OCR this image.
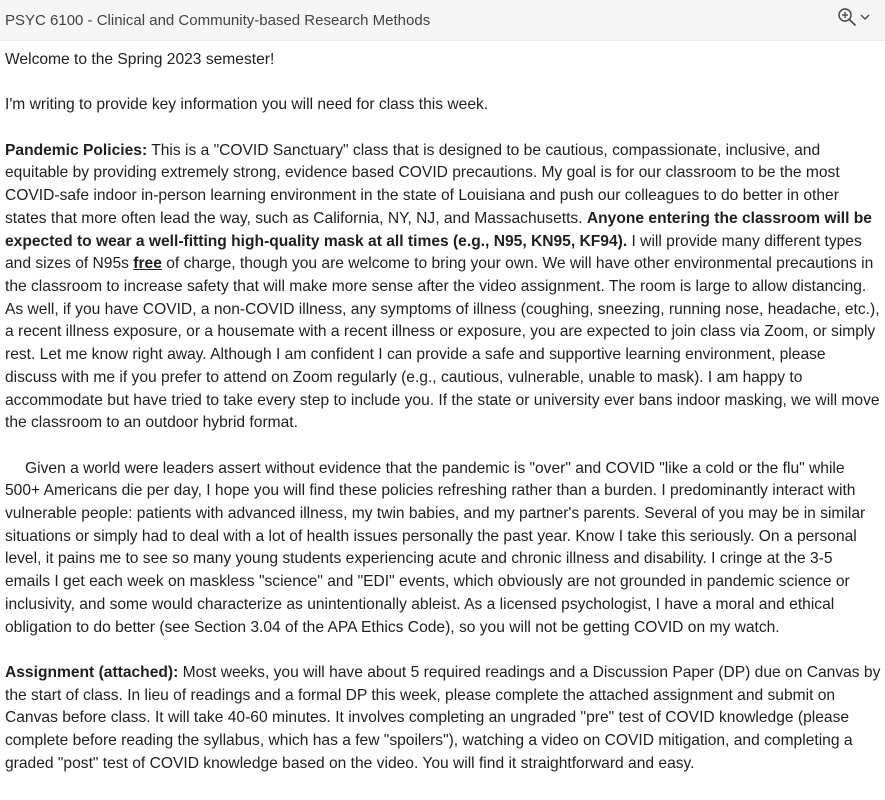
PSYC 6100 - Clinical and Community-based Research Methods

Welcome to the Spring 2023 semester!

I'm writing to provide key information you will need for class this week.

Pandemic Policies: This is a "COVID Sanctuary" class that is designed to be cautious, compassionate, inclusive, and equitable by providing extremely strong, evidence based COVID precautions. My goal is for our classroom to be the most COVID-safe indoor in-person learning environment in the state of Louisiana and push our colleagues to do better in other states that more often lead the way, such as California, NY, NJ, and Massachusetts. Anyone entering the classroom will be expected to wear a well-fitting high-quality mask at all times (e.g., N95, KN95, KF94). I will provide many different types and sizes of N95s free of charge, though you are welcome to bring your own. We will have other environmental precautions in the classroom to increase safety that will make more sense after the video assignment. The room is large to allow distancing. As well, if you have COVID, a non-COVID illness, any symptoms of illness (coughing, sneezing, running nose, headache, etc.), a recent illness exposure, or a housemate with a recent illness or exposure, you are expected to join class via Zoom, or simply rest. Let me know right away. Although I am confident I can provide a safe and supportive learning environment, please discuss with me if you prefer to attend on Zoom regularly (e.g., cautious, vulnerable, unable to mask). I am happy to accommodate but have tried to take every step to include you. If the state or university ever bans indoor masking, we will move the classroom to an outdoor hybrid format.

Given a world were leaders assert without evidence that the pandemic is "over" and COVID "like a cold or the flu" while 500+ Americans die per day, I hope you will find these policies refreshing rather than a burden. I predominantly interact with vulnerable people: patients with advanced illness, my twin babies, and my partner's parents. Several of you may be in similar situations or simply had to deal with a lot of health issues personally the past year. Know I take this seriously. On a personal level, it pains me to see so many young students experiencing acute and chronic illness and disability. I cringe at the 3-5 emails I get each week on maskless "science" and "EDI" events, which obviously are not grounded in pandemic science or inclusivity, and some would characterize as unintentionally ableist. As a licensed psychologist, I have a moral and ethical obligation to do better (see Section 3.04 of the APA Ethics Code), so you will not be getting COVID on my watch.

Assignment (attached): Most weeks, you will have about 5 required readings and a Discussion Paper (DP) due on Canvas by the start of class. In lieu of readings and a formal DP this week, please complete the attached assignment and submit on Canvas before class. It will take 40-60 minutes. It involves completing an ungraded "pre" test of COVID knowledge (please complete before reading the syllabus, which has a few "spoilers"), watching a video on COVID mitigation, and completing a graded "post" test of COVID knowledge based on the video. You will find it straightforward and easy.
